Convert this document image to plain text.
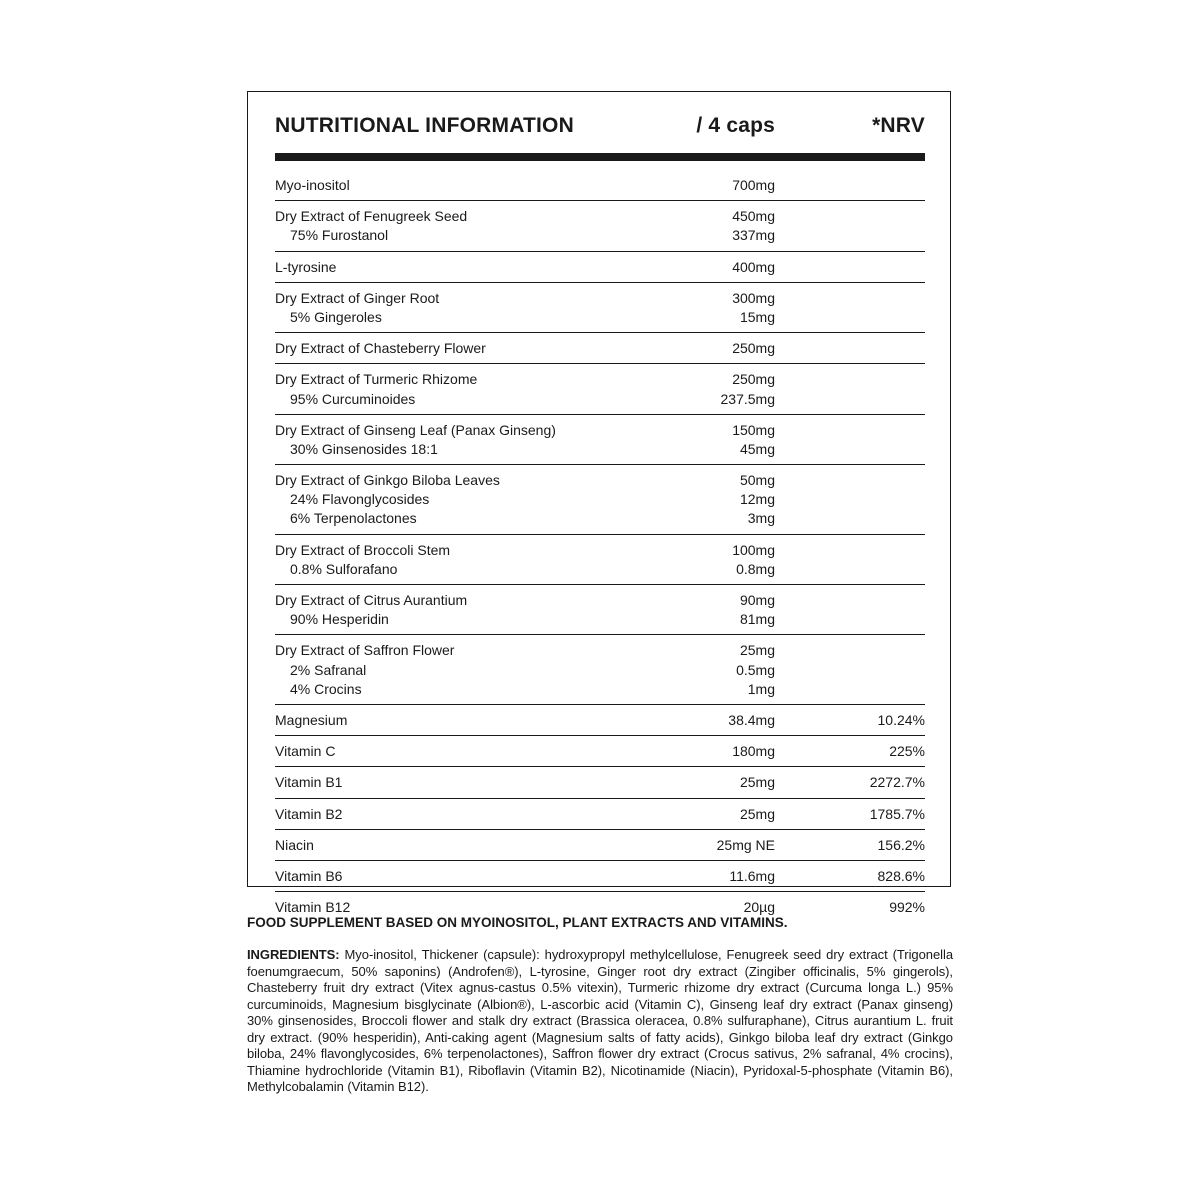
NUTRITIONAL INFORMATION	/ 4 caps	*NRV
Myo-inositol	700mg
Dry Extract of Fenugreek Seed	450mg
75% Furostanol	337mg
L-tyrosine	400mg
Dry Extract of Ginger Root	300mg
5% Gingeroles	15mg
Dry Extract of Chasteberry Flower	250mg
Dry Extract of Turmeric Rhizome	250mg
95% Curcuminoides	237.5mg
Dry Extract of Ginseng Leaf (Panax Ginseng)	150mg
30% Ginsenosides 18:1	45mg
Dry Extract of Ginkgo Biloba Leaves	50mg
24% Flavonglycosides	12mg
6% Terpenolactones	3mg
Dry Extract of Broccoli Stem	100mg
0.8% Sulforafano	0.8mg
Dry Extract of Citrus Aurantium	90mg
90% Hesperidin	81mg
Dry Extract of Saffron Flower	25mg
2% Safranal	0.5mg
4% Crocins	1mg
Magnesium	38.4mg	10.24%
Vitamin C	180mg	225%
Vitamin B1	25mg	2272.7%
Vitamin B2	25mg	1785.7%
Niacin	25mg NE	156.2%
Vitamin B6	11.6mg	828.6%
Vitamin B12	20µg	992%
FOOD SUPPLEMENT BASED ON MYOINOSITOL, PLANT EXTRACTS AND VITAMINS.
INGREDIENTS: Myo-inositol, Thickener (capsule): hydroxypropyl methylcellulose, Fenugreek seed dry extract (Trigonella foenumgraecum, 50% saponins) (Androfen®), L-tyrosine, Ginger root dry extract (Zingiber officinalis, 5% gingerols), Chasteberry fruit dry extract (Vitex agnus-castus 0.5% vitexin), Turmeric rhizome dry extract (Curcuma longa L.) 95% curcuminoids, Magnesium bisglycinate (Albion®), L-ascorbic acid (Vitamin C), Ginseng leaf dry extract (Panax ginseng) 30% ginsenosides, Broccoli flower and stalk dry extract (Brassica oleracea, 0.8% sulfuraphane), Citrus aurantium L. fruit dry extract. (90% hesperidin), Anti-caking agent (Magnesium salts of fatty acids), Ginkgo biloba leaf dry extract (Ginkgo biloba, 24% flavonglycosides, 6% terpenolactones), Saffron flower dry extract (Crocus sativus, 2% safranal, 4% crocins), Thiamine hydrochloride (Vitamin B1), Riboflavin (Vitamin B2), Nicotinamide (Niacin), Pyridoxal-5-phosphate (Vitamin B6), Methylcobalamin (Vitamin B12).
